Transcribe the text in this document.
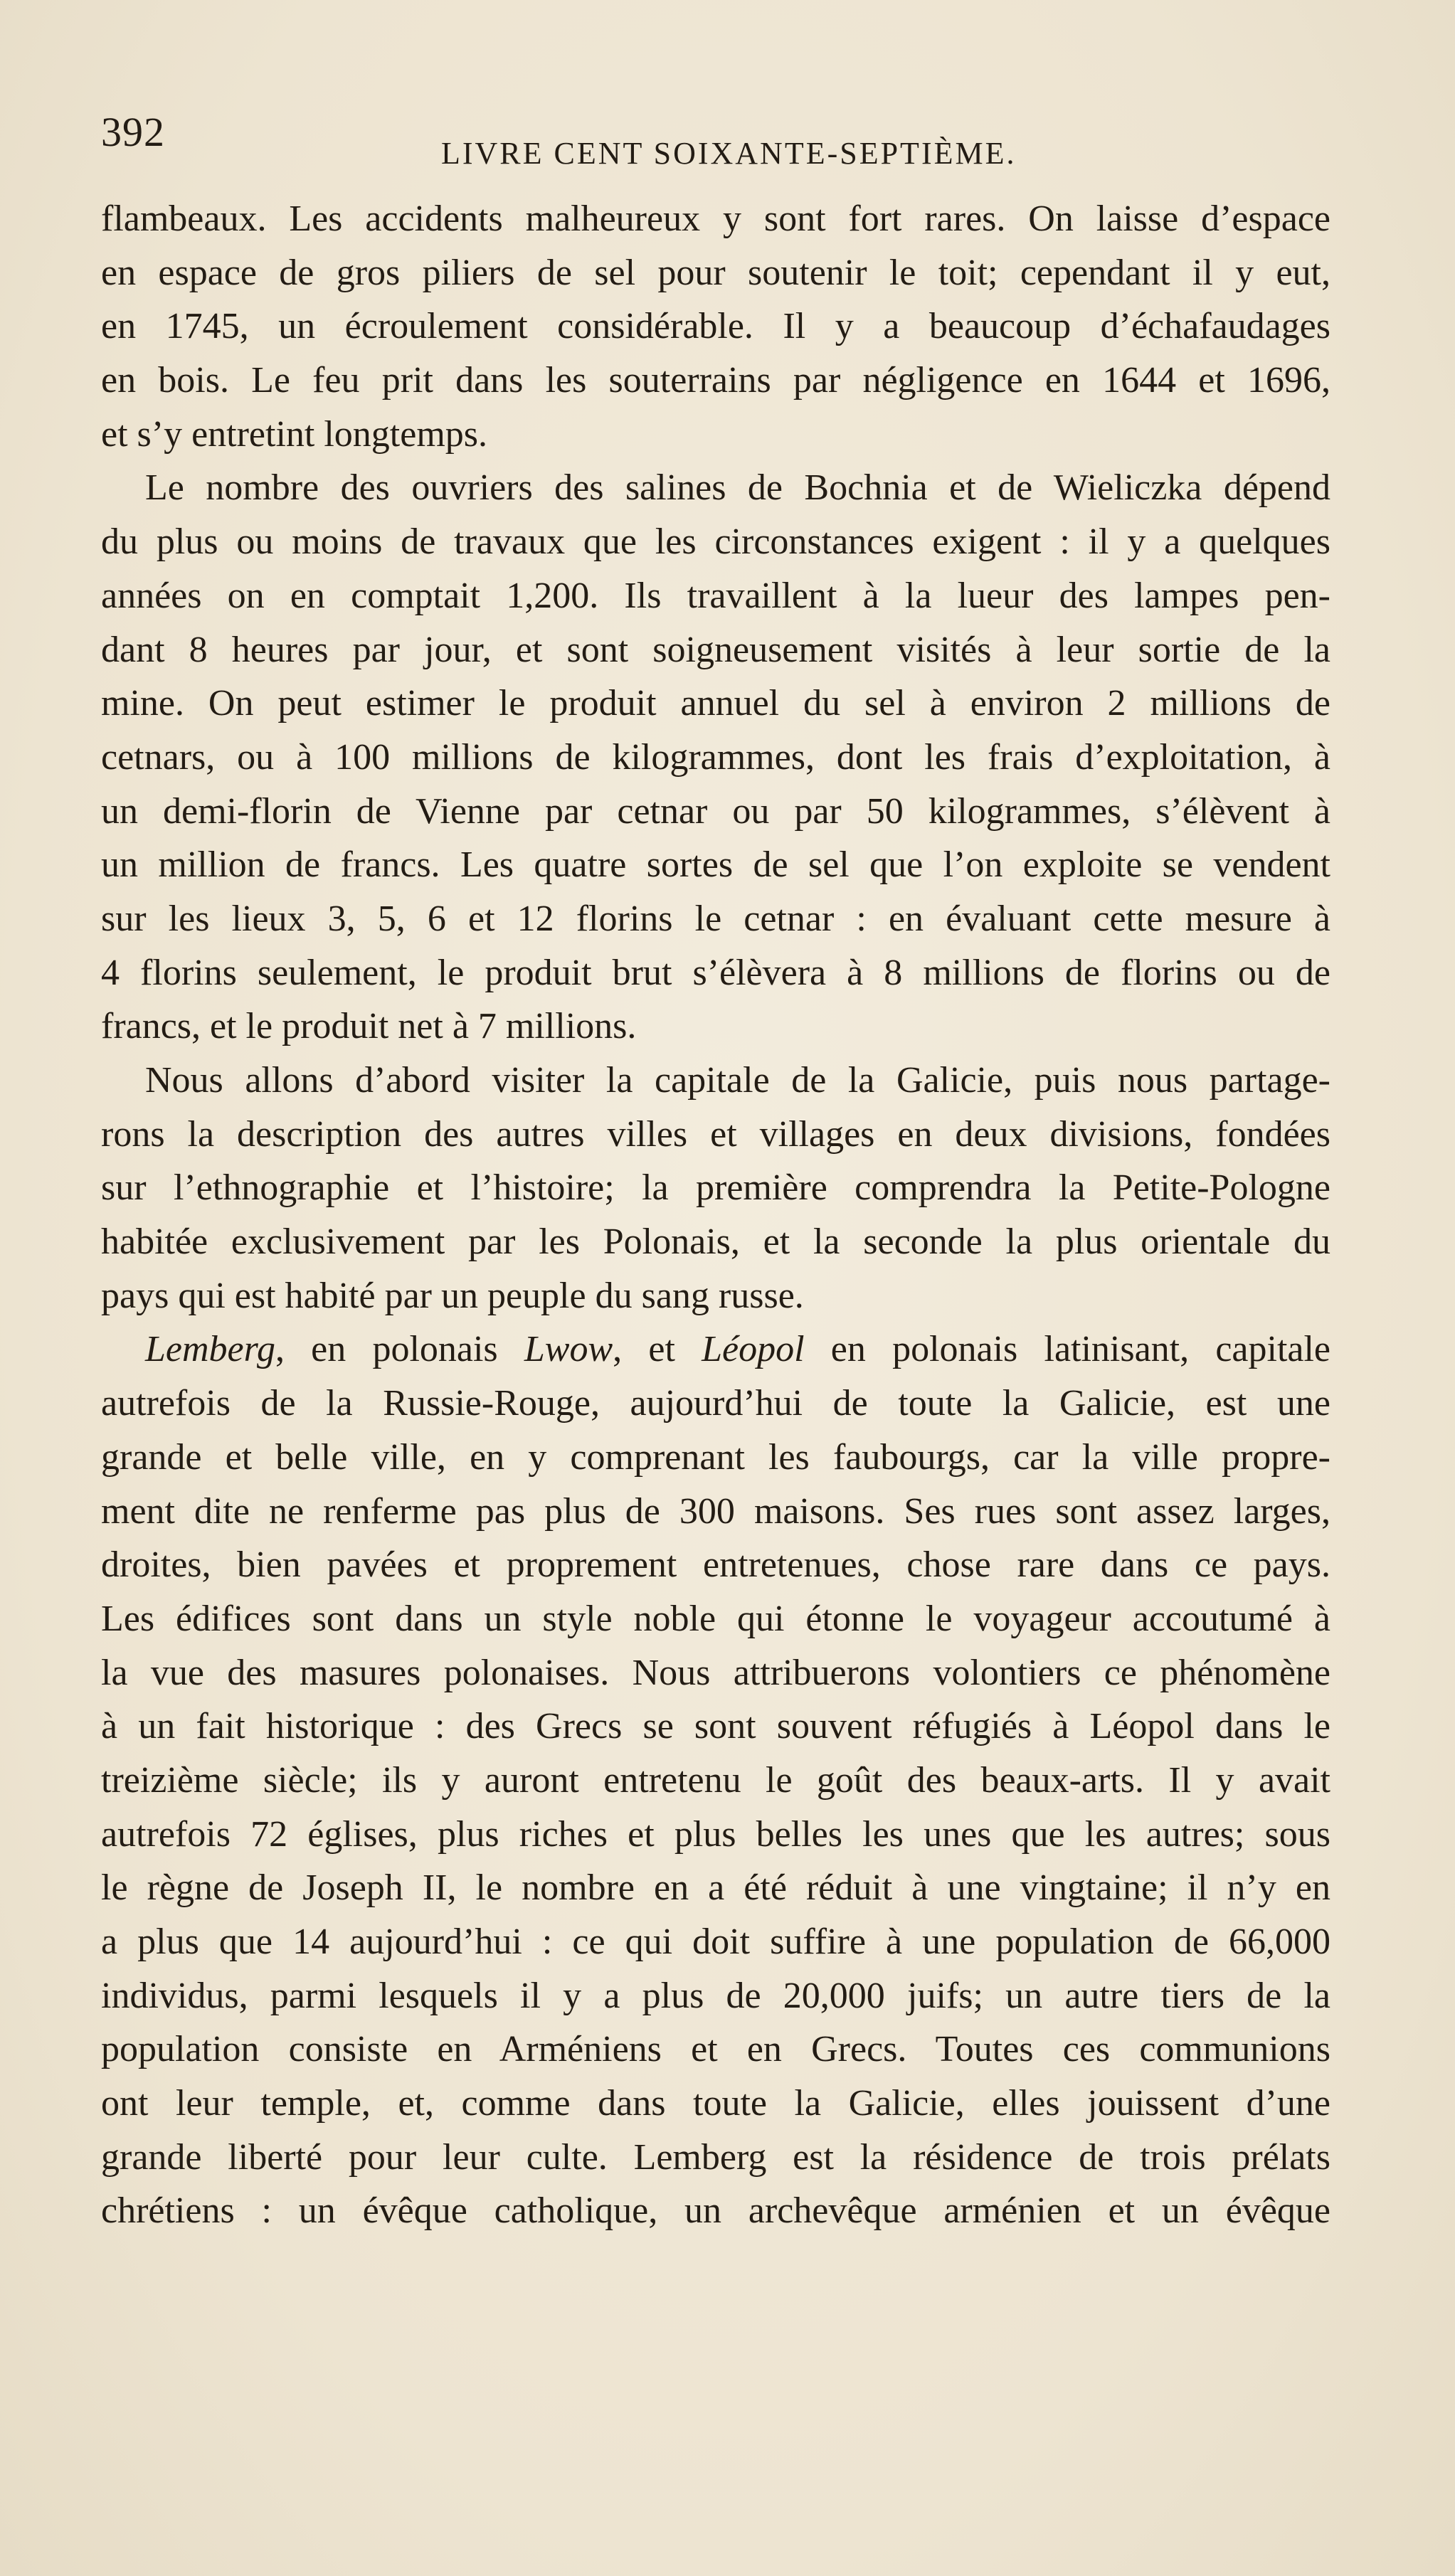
392	LIVRE CENT SOIXANTE-SEPTIÈME.
flambeaux. Les accidents malheureux y sont fort rares. On laisse d’espace
en espace de gros piliers de sel pour soutenir le toit; cependant il y eut,
en 1745, un écroulement considérable. Il y a beaucoup d’échafaudages
en bois. Le feu prit dans les souterrains par négligence en 1644 et 1696,
et s’y entretint longtemps.
Le nombre des ouvriers des salines de Bochnia et de Wieliczka dépend
du plus ou moins de travaux que les circonstances exigent : il y a quelques
années on en comptait 1,200. Ils travaillent à la lueur des lampes pen-
dant 8 heures par jour, et sont soigneusement visités à leur sortie de la
mine. On peut estimer le produit annuel du sel à environ 2 millions de
cetnars, ou à 100 millions de kilogrammes, dont les frais d’exploitation, à
un demi-florin de Vienne par cetnar ou par 50 kilogrammes, s’élèvent à
un million de francs. Les quatre sortes de sel que l’on exploite se vendent
sur les lieux 3, 5, 6 et 12 florins le cetnar : en évaluant cette mesure à
4 florins seulement, le produit brut s’élèvera à 8 millions de florins ou de
francs, et le produit net à 7 millions.
Nous allons d’abord visiter la capitale de la Galicie, puis nous partage-
rons la description des autres villes et villages en deux divisions, fondées
sur l’ethnographie et l’histoire; la première comprendra la Petite-Pologne
habitée exclusivement par les Polonais, et la seconde la plus orientale du
pays qui est habité par un peuple du sang russe.
Lemberg, en polonais Lwow, et Léopol en polonais latinisant, capitale
autrefois de la Russie-Rouge, aujourd’hui de toute la Galicie, est une
grande et belle ville, en y comprenant les faubourgs, car la ville propre-
ment dite ne renferme pas plus de 300 maisons. Ses rues sont assez larges,
droites, bien pavées et proprement entretenues, chose rare dans ce pays.
Les édifices sont dans un style noble qui étonne le voyageur accoutumé à
la vue des masures polonaises. Nous attribuerons volontiers ce phénomène
à un fait historique : des Grecs se sont souvent réfugiés à Léopol dans le
treizième siècle; ils y auront entretenu le goût des beaux-arts. Il y avait
autrefois 72 églises, plus riches et plus belles les unes que les autres; sous
le règne de Joseph II, le nombre en a été réduit à une vingtaine; il n’y en
a plus que 14 aujourd’hui : ce qui doit suffire à une population de 66,000
individus, parmi lesquels il y a plus de 20,000 juifs; un autre tiers de la
population consiste en Arméniens et en Grecs. Toutes ces communions
ont leur temple, et, comme dans toute la Galicie, elles jouissent d’une
grande liberté pour leur culte. Lemberg est la résidence de trois prélats
chrétiens : un évêque catholique, un archevêque arménien et un évêque
